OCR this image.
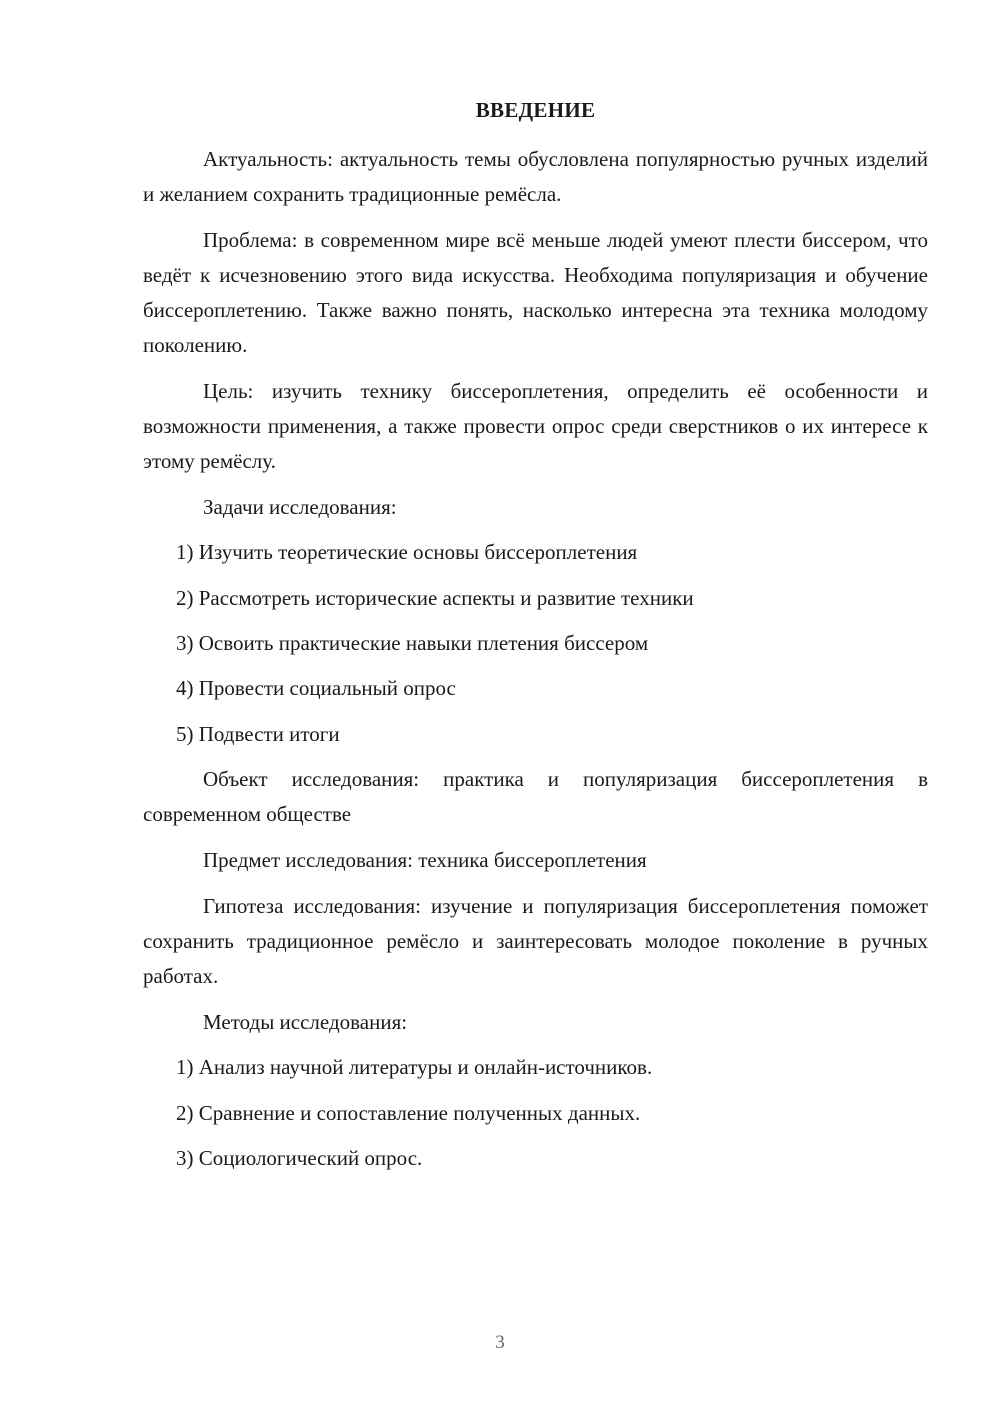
ВВЕДЕНИЕ
Актуальность: актуальность темы обусловлена популярностью ручных изделий и желанием сохранить традиционные ремёсла.
Проблема: в современном мире всё меньше людей умеют плести биссером, что ведёт к исчезновению этого вида искусства. Необходима популяризация и обучение биссероплетению. Также важно понять, насколько интересна эта техника молодому поколению.
Цель: изучить технику биссероплетения, определить её особенности и возможности применения, а также провести опрос среди сверстников о их интересе к этому ремёслу.
Задачи исследования:
1) Изучить теоретические основы биссероплетения
2) Рассмотреть исторические аспекты и развитие техники
3) Освоить практические навыки плетения биссером
4) Провести социальный опрос
5) Подвести итоги
Объект исследования: практика и популяризация биссероплетения в современном обществе
Предмет исследования: техника биссероплетения
Гипотеза исследования: изучение и популяризация биссероплетения поможет сохранить традиционное ремёсло и заинтересовать молодое поколение в ручных работах.
Методы исследования:
1) Анализ научной литературы и онлайн-источников.
2) Сравнение и сопоставление полученных данных.
3) Социологический опрос.
3
